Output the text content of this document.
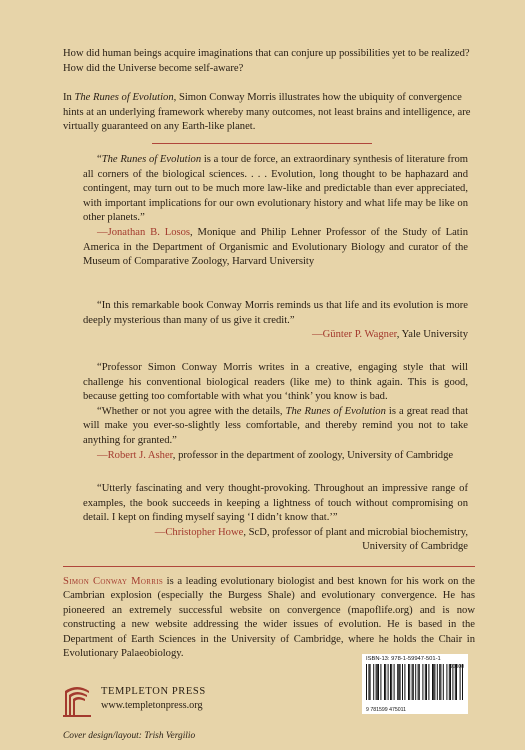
How did human beings acquire imaginations that can conjure up possibilities yet to be realized? How did the Universe become self-aware?

In The Runes of Evolution, Simon Conway Morris illustrates how the ubiquity of convergence hints at an underlying framework whereby many outcomes, not least brains and intelligence, are virtually guaranteed on any Earth-like planet.

“The Runes of Evolution is a tour de force, an extraordinary synthesis of literature from all corners of the biological sciences. . . . Evolution, long thought to be haphazard and contingent, may turn out to be much more law-like and predictable than ever appreciated, with important implications for our own evolutionary history and what life may be like on other planets.”

—Jonathan B. Losos, Monique and Philip Lehner Professor of the Study of Latin America in the Department of Organismic and Evolutionary Biology and curator of the Museum of Comparative Zoology, Harvard University

“In this remarkable book Conway Morris reminds us that life and its evolution is more deeply mysterious than many of us give it credit.”

—Günter P. Wagner, Yale University

“Professor Simon Conway Morris writes in a creative, engaging style that will challenge his conventional biological readers (like me) to think again. This is good, because getting too comfortable with what you ‘think’ you know is bad.

“Whether or not you agree with the details, The Runes of Evolution is a great read that will make you ever-so-slightly less comfortable, and thereby remind you not to take anything for granted.”

—Robert J. Asher, professor in the department of zoology, University of Cambridge

“Utterly fascinating and very thought-provoking. Throughout an impressive range of examples, the book succeeds in keeping a lightness of touch without compromising on detail. I kept on finding myself saying ‘I didn’t know that.’”

—Christopher Howe, ScD, professor of plant and microbial biochemistry,

University of Cambridge

Simon Conway Morris is a leading evolutionary biologist and best known for his work on the Cambrian explosion (especially the Burgess Shale) and evolutionary convergence. He has pioneered an extremely successful website on convergence (mapoflife.org) and is now constructing a new website addressing the wider issues of evolution. He is based in the Department of Earth Sciences in the University of Cambridge, where he holds the Chair in Evolutionary Palaeobiology.

TEMPLETON PRESS
www.templetonpress.org
Cover design/layout: Trish Vergilio
ISBN-13: 978-1-59947-501-1
9 781599 475011
